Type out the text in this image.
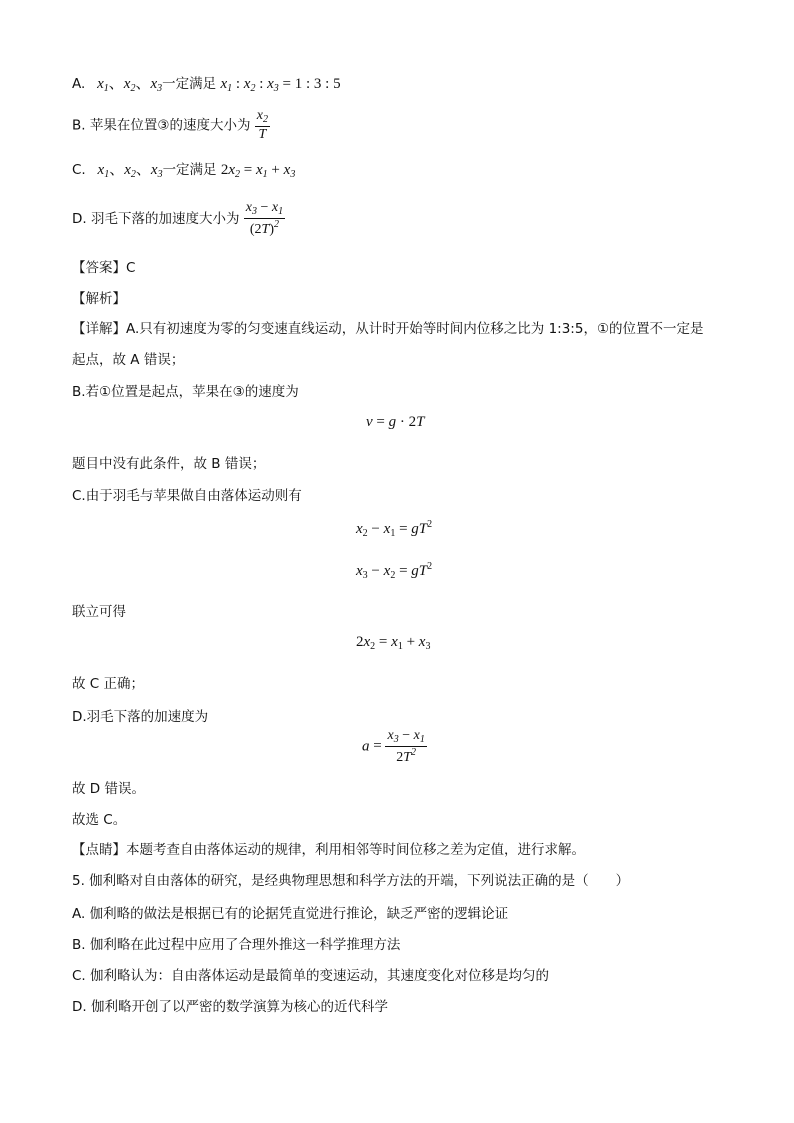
A.   $x_1$、$x_2$、$x_3$一定满足 $x_1$ : $x_2$ : $x_3 = 1$ : 3 : 5
B. 苹果在位置③的速度大小为 $\frac{x_2}{T}$
C.   $x_1$、$x_2$、$x_3$一定满足 $2x_2 = x_1 + x_3$
D. 羽毛下落的加速度大小为 $\frac{x_3 - x_1}{(2T)^2}$
【答案】C
【解析】
【详解】A.只有初速度为零的匀变速直线运动，从计时开始等时间内位移之比为 1:3:5，①的位置不一定是
起点，故 A 错误；
B.若①位置是起点，苹果在③的速度为
v = g · 2T
题目中没有此条件，故 B 错误；
C.由于羽毛与苹果做自由落体运动则有
$x_2 - x_1 = gT^2$
$x_3 - x_2 = gT^2$
联立可得
$2x_2 = x_1 + x_3$
故 C 正确；
D.羽毛下落的加速度为
$a = \frac{x_3 - x_1}{2T^2}$
故 D 错误。
故选 C。
【点睛】本题考查自由落体运动的规律，利用相邻等时间位移之差为定值，进行求解。
5. 伽利略对自由落体的研究，是经典物理思想和科学方法的开端，下列说法正确的是（　　）
A. 伽利略的做法是根据已有的论据凭直觉进行推论，缺乏严密的逻辑论证
B. 伽利略在此过程中应用了合理外推这一科学推理方法
C. 伽利略认为：自由落体运动是最简单的变速运动，其速度变化对位移是均匀的
D. 伽利略开创了以严密的数学演算为核心的近代科学
